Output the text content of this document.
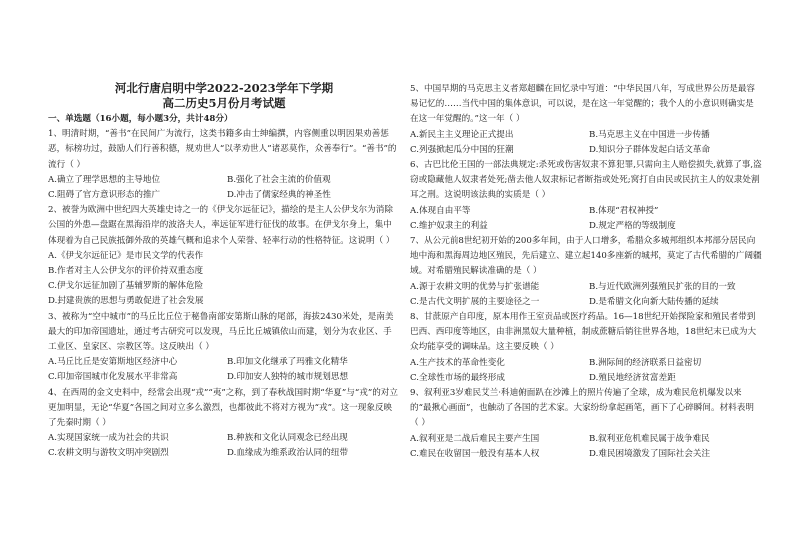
河北行唐启明中学2022-2023学年下学期
高二历史5月份月考试题
一、单选题（16小题，每小题3分，共计48分）

1、明清时期，“善书”在民间广为流行，这类书籍多由士绅编撰，内容侧重以明因果劝善惩恶，标榜功过，鼓励人们行善积德，规劝世人“以孝劝世人”诸恶莫作，众善奉行”。“善书”的流行（ ）

A.确立了理学思想的主导地位	B.强化了社会主流的价值观
C.阻碍了官方意识形态的推广	D.冲击了儒家经典的神圣性

2、被誉为欧洲中世纪四大英雄史诗之一的《伊戈尔远征记》，描绘的是主人公伊戈尔为消除公国的外患—盘踞在黑海沿岸的波洛夫人，率远征军进行征伐的故事。在伊戈尔身上，集中体现着为自己民族抵御外敌的英雄气概和追求个人荣誉、轻率行动的性格特征。这说明（ ）

A.《伊戈尔远征记》是市民文学的代表作
B.作者对主人公伊戈尔的评价持双重态度
C.伊戈尔远征加剧了基辅罗斯的解体危险
D.封建贵族的思想与勇敢促进了社会发展

3、被称为“空中城市”的马丘比丘位于秘鲁南部安第斯山脉的尾部，海拔2430米处，是南美最大的印加帝国遗址，通过考古研究可以发现，马丘比丘城镇依山而建，划分为农业区、手工业区、皇家区、宗教区等。这反映出（ ）

A.马丘比丘是安第斯地区经济中心	B.印加文化继承了玛雅文化精华
C.印加帝国城市化发展水平非常高	D.印加安人独特的城市规划思想

4、在西周的金文史料中，经常会出现“戎”“夷”之称，到了春秋战国时期“华夏”与“戎”的对立更加明显，无论“华夏”各国之间对立多么激烈，也都彼此不将对方视为“戎”。这一现象反映了先秦时期（ ）

A.实现国家统一成为社会的共识	B.种族和文化认同观念已经出现
C.农耕文明与游牧文明冲突剧烈	D.血缘成为维系政治认同的纽带

5、中国早期的马克思主义者郑超麟在回忆录中写道：“中华民国八年，写成世界公历是最容易记忆的……当代中国的集体意识，可以说，是在这一年觉醒的；我个人的小意识则确实是在这一年觉醒的。”这一年（ ）

A.新民主主义理论正式提出	B.马克思主义在中国进一步传播
C.列强掀起瓜分中国的狂潮	D.知识分子群体发起白话文革命

6、古巴比伦王国的一部法典规定:杀死或伤害奴隶不算犯罪,只需向主人赔偿损失,就算了事,盗窃或隐藏他人奴隶者处死;凿去他人奴隶标记者断指或处死;窝打自由民或民抗主人的奴隶处割耳之刑。这说明该法典的实质是（ ）

A.体现自由平等	B.体现“君权神授”
C.维护奴隶主的利益	D.规定严格的等级制度

7、从公元前8世纪初开始的200多年间，由于人口增多，希腊众多城邦组织本邦部分居民向地中海和黑海周边地区殖民，先后建立、建立起140多座新的城邦，莫定了古代希腊的广阔疆域。对希腊殖民解读准确的是（ ）

A.源于农耕文明的优势与扩张谱能	B.与近代欧洲列强殖民扩张的目的一致
C.是古代文明扩展的主要途径之一	D.是希腊文化向新大陆传播的延续

8、甘蔗原产自印度，原本用作王室贡品或医疗药品。16—18世纪开始探险家和殖民者带到巴西、西印度等地区，由非洲黑奴大量种植，制成蔗糖后销往世界各地，18世纪末已成为大众均能享受的调味品。这主要反映（ ）

A.生产技术的革命性变化	B.洲际间的经济联系日益密切
C.全球性市场的最终形成	D.殖民地经济贫富差距

9、叙利亚3岁难民艾兰·科迪俯面趴在沙滩上的照片传遍了全球，成为难民危机爆发以来的“最揪心画面”，也触动了各国的艺术家。大家纷纷拿起画笔，画下了心碎瞬间。材料表明（ ）

A.叙利亚是二战后难民主要产生国	B.叙利亚危机难民属于战争难民
C.难民在收留国一般没有基本人权	D.难民困境激发了国际社会关注
